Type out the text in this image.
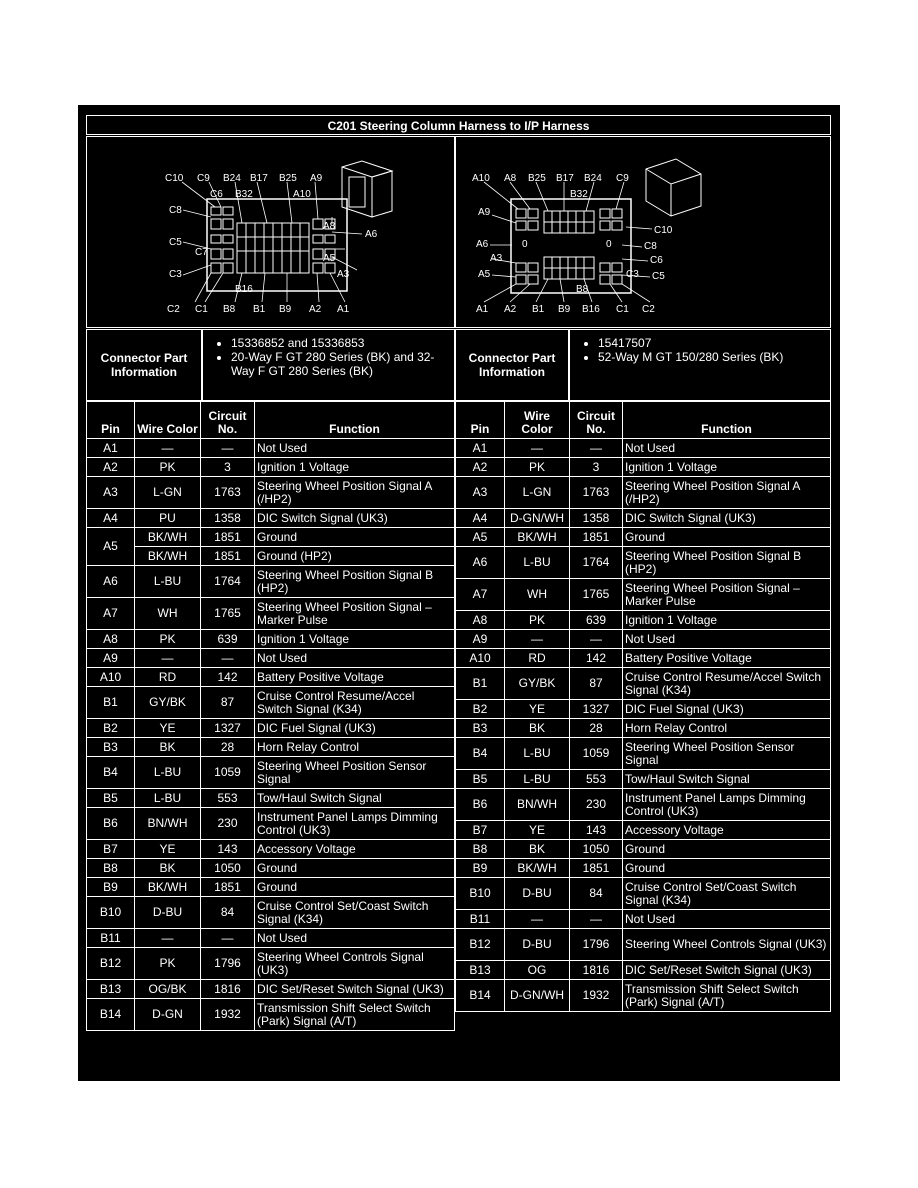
C201 Steering Column Harness to I/P Harness
C10 C9 B24 B17 B25 A9
C6 B32	A10
C8
A8
A6
C5
C7
A5
C3	A3
B16
C2 C1 B8 B1 B9 A2 A1
A10 A8 B25 B17 B24 C9
B32
A9
C10
A6	0	0	C8
A3	C6
A5	C3 C5
B8
A1 A2 B1 B9 B16 C1 C2
Connector Part Information
• 15336852 and 15336853
• 20-Way F GT 280 Series (BK) and 32-Way F GT 280 Series (BK)
Connector Part Information
• 15417507
• 52-Way M GT 150/280 Series (BK)
Pin	Wire Color	Circuit No.	Function
A1	—	—	Not Used
A2	PK	3	Ignition 1 Voltage
A3	L-GN	1763	Steering Wheel Position Signal A (/HP2)
A4	PU	1358	DIC Switch Signal (UK3)
A5	BK/WH	1851	Ground
	BK/WH	1851	Ground (HP2)
A6	L-BU	1764	Steering Wheel Position Signal B (HP2)
A7	WH	1765	Steering Wheel Position Signal – Marker Pulse
A8	PK	639	Ignition 1 Voltage
A9	—	—	Not Used
A10	RD	142	Battery Positive Voltage
B1	GY/BK	87	Cruise Control Resume/Accel Switch Signal (K34)
B2	YE	1327	DIC Fuel Signal (UK3)
B3	BK	28	Horn Relay Control
B4	L-BU	1059	Steering Wheel Position Sensor Signal
B5	L-BU	553	Tow/Haul Switch Signal
B6	BN/WH	230	Instrument Panel Lamps Dimming Control (UK3)
B7	YE	143	Accessory Voltage
B8	BK	1050	Ground
B9	BK/WH	1851	Ground
B10	D-BU	84	Cruise Control Set/Coast Switch Signal (K34)
B11	—	—	Not Used
B12	PK	1796	Steering Wheel Controls Signal (UK3)
B13	OG/BK	1816	DIC Set/Reset Switch Signal (UK3)
B14	D-GN	1932	Transmission Shift Select Switch (Park) Signal (A/T)
Pin	Wire Color	Circuit No.	Function
A1	—	—	Not Used
A2	PK	3	Ignition 1 Voltage
A3	L-GN	1763	Steering Wheel Position Signal A (/HP2)
A4	D-GN/WH	1358	DIC Switch Signal (UK3)
A5	BK/WH	1851	Ground

A6	L-BU	1764	Steering Wheel Position Signal B (HP2)
A7	WH	1765	Steering Wheel Position Signal – Marker Pulse
A8	PK	639	Ignition 1 Voltage
A9	—	—	Not Used
A10	RD	142	Battery Positive Voltage
B1	GY/BK	87	Cruise Control Resume/Accel Switch Signal (K34)
B2	YE	1327	DIC Fuel Signal (UK3)
B3	BK	28	Horn Relay Control
B4	L-BU	1059	Steering Wheel Position Sensor Signal
B5	L-BU	553	Tow/Haul Switch Signal
B6	BN/WH	230	Instrument Panel Lamps Dimming Control (UK3)
B7	YE	143	Accessory Voltage
B8	BK	1050	Ground
B9	BK/WH	1851	Ground
B10	D-BU	84	Cruise Control Set/Coast Switch Signal (K34)
B11	—	—	Not Used
B12	D-BU	1796	Steering Wheel Controls Signal (UK3)
B13	OG	1816	DIC Set/Reset Switch Signal (UK3)
B14	D-GN/WH	1932	Transmission Shift Select Switch (Park) Signal (A/T)
